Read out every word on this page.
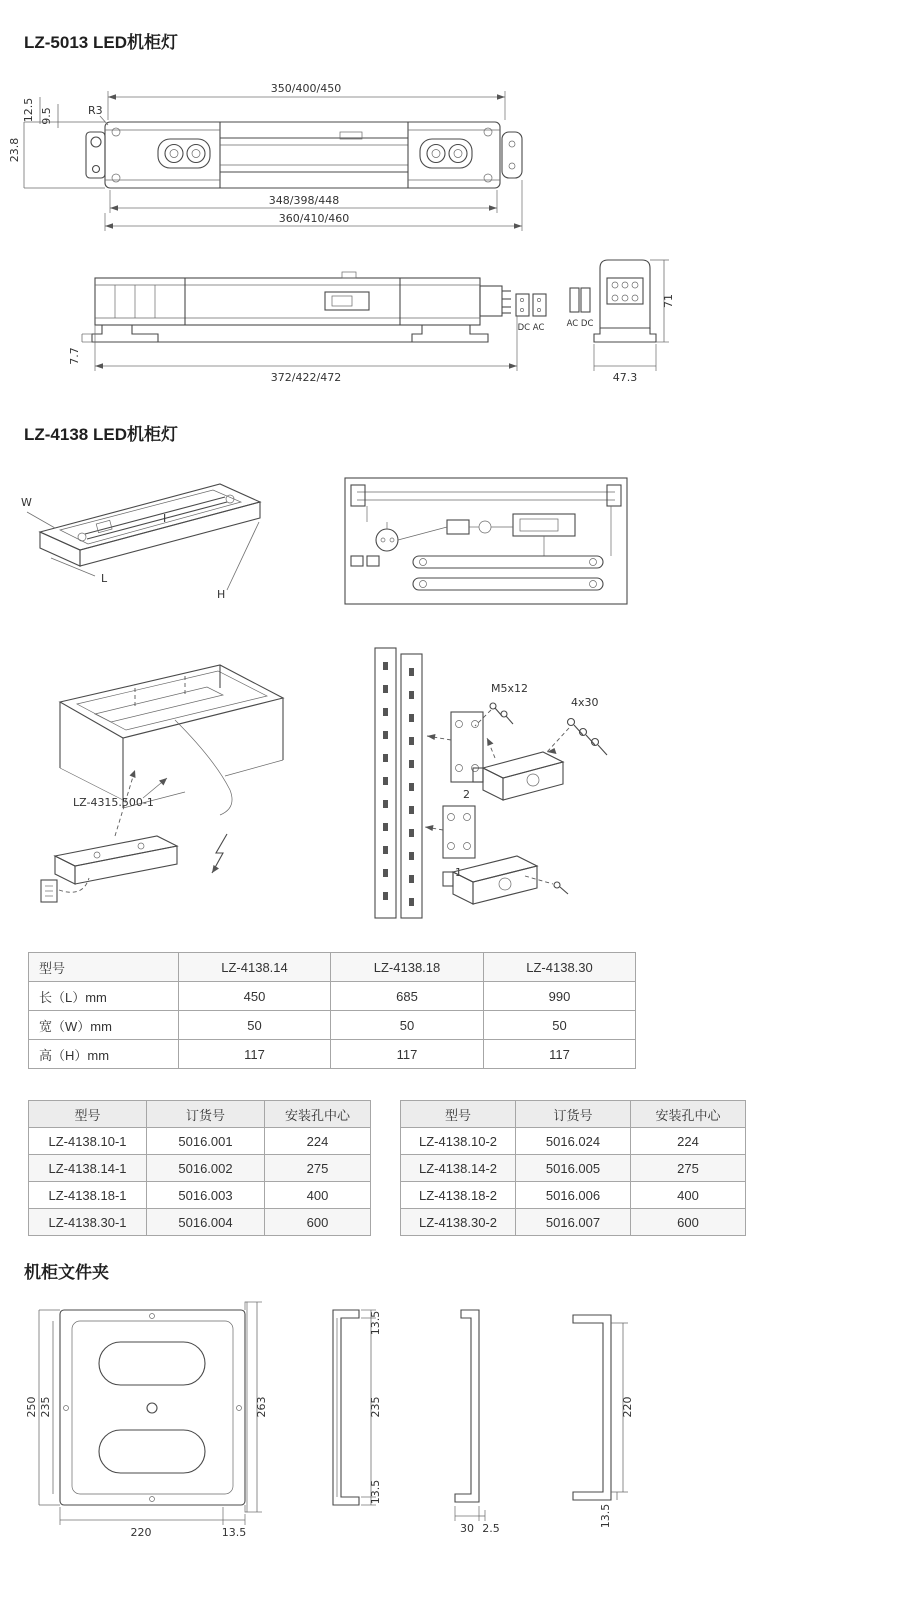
LZ-5013 LED机柜灯
350/400/450
12.5 9.5
23.8
R3
348/398/448
360/410/460
DC AC	AC DC
7.7
372/422/472
71
47.3
LZ-4138 LED机柜灯
W
I
L
H
LZ-4315.500-1
2
1
M5x12
4x30
型号	LZ-4138.14	LZ-4138.18	LZ-4138.30
长（L）mm	450	685	990
宽（W）mm	50	50	50
高（H）mm	117	117	117
型号	订货号	安装孔中心
LZ-4138.10-1	5016.001	224
LZ-4138.14-1	5016.002	275
LZ-4138.18-1	5016.003	400
LZ-4138.30-1	5016.004	600
型号	订货号	安装孔中心
LZ-4138.10-2	5016.024	224
LZ-4138.14-2	5016.005	275
LZ-4138.18-2	5016.006	400
LZ-4138.30-2	5016.007	600
机柜文件夹
250 235	263
220	13.5
13.5
235
13.5
30 2.5
220
13.5
